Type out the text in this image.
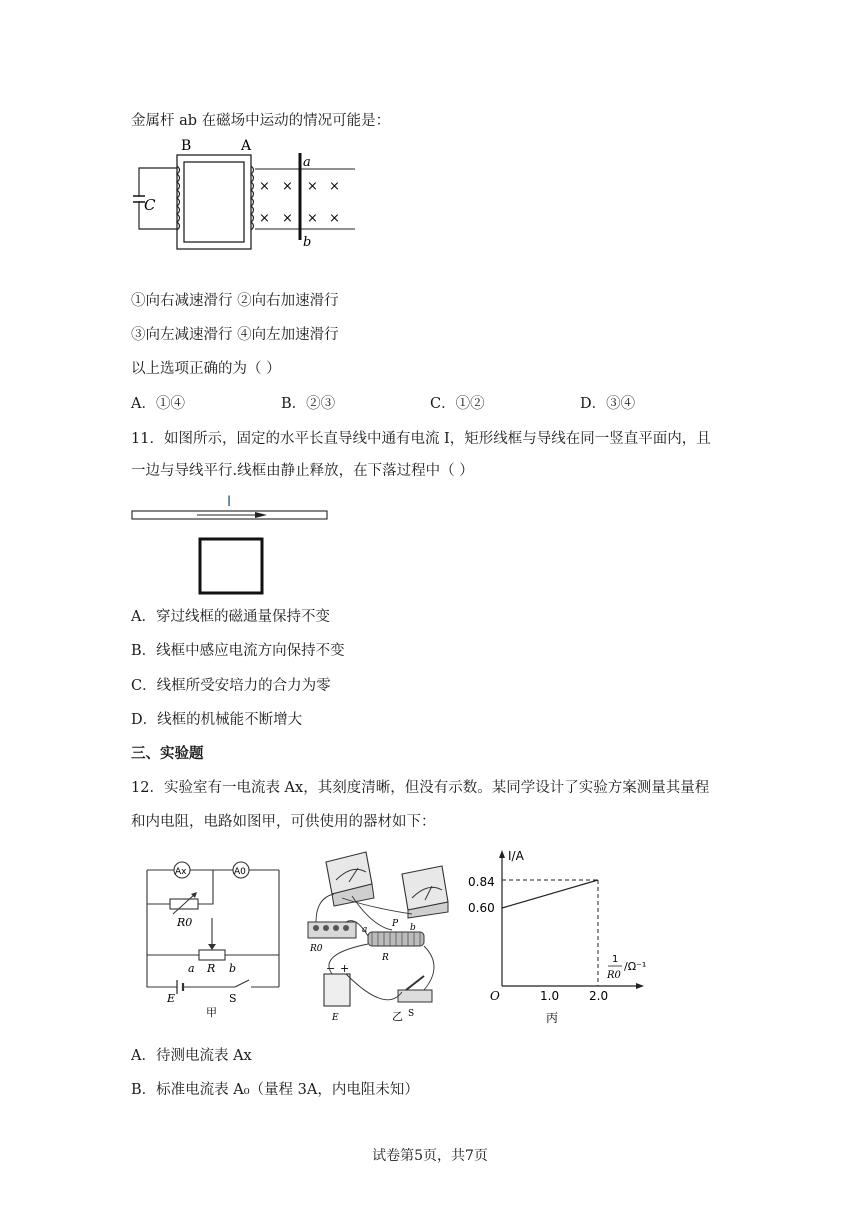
金属杆 ab 在磁场中运动的情况可能是：
B	A
a
b
C
× × × ×
× × × ×
①向右减速滑行 ②向右加速滑行
③向左减速滑行 ④向左加速滑行
以上选项正确的为（ ）
A．①④	B．②③	C．①②	D．③④
11．如图所示，固定的水平长直导线中通有电流 I，矩形线框与导线在同一竖直平面内，且
一边与导线平行.线框由静止释放，在下落过程中（ ）
I
A．穿过线框的磁通量保持不变
B．线框中感应电流方向保持不变
C．线框所受安培力的合力为零
D．线框的机械能不断增大
三、实验题
12．实验室有一电流表 Ax，其刻度清晰，但没有示数。某同学设计了实验方案测量其量程
和内电阻，电路如图甲，可供使用的器材如下：
Ax	A0
R0
a R b
E	S
甲
R0
a
P b
R
− +
E	S
乙
I/A
0.84
0.60
1.0 2.0
O
1
R0
/Ω⁻¹
丙
A．待测电流表 Ax
B．标准电流表 A₀（量程 3A，内电阻未知）
试卷第5页，共7页
